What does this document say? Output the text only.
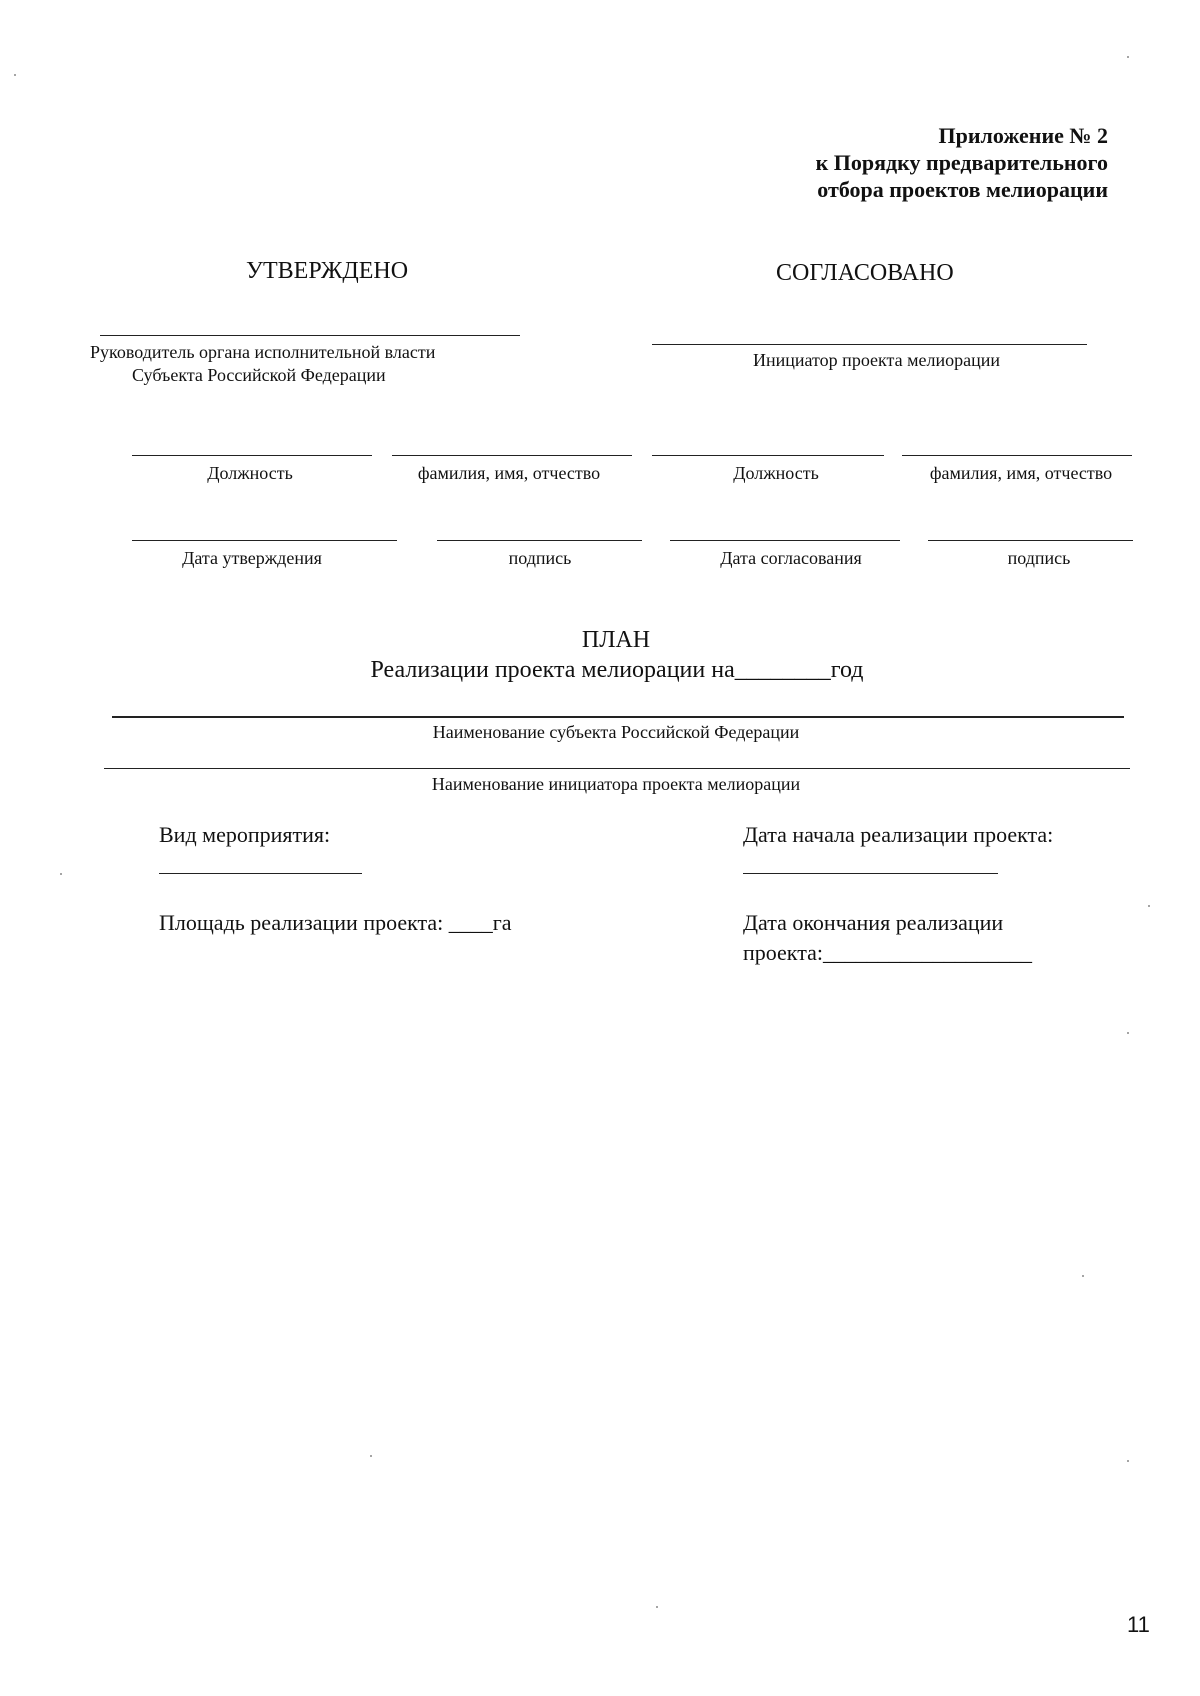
Приложение № 2
к Порядку предварительного
отбора проектов мелиорации
УТВЕРЖДЕНО
Руководитель органа исполнительной власти
Субъекта Российской Федерации
Должность	фамилия, имя, отчество
Дата утверждения	подпись
СОГЛАСОВАНО
Инициатор проекта мелиорации
Должность	фамилия, имя, отчество
Дата согласования	подпись
ПЛАН
Реализации проекта мелиорации на________год
Наименование субъекта Российской Федерации
Наименование инициатора проекта мелиорации
Вид мероприятия:	Дата начала реализации проекта:
Площадь реализации проекта: ____га	Дата окончания реализации
проекта:___________________
11
